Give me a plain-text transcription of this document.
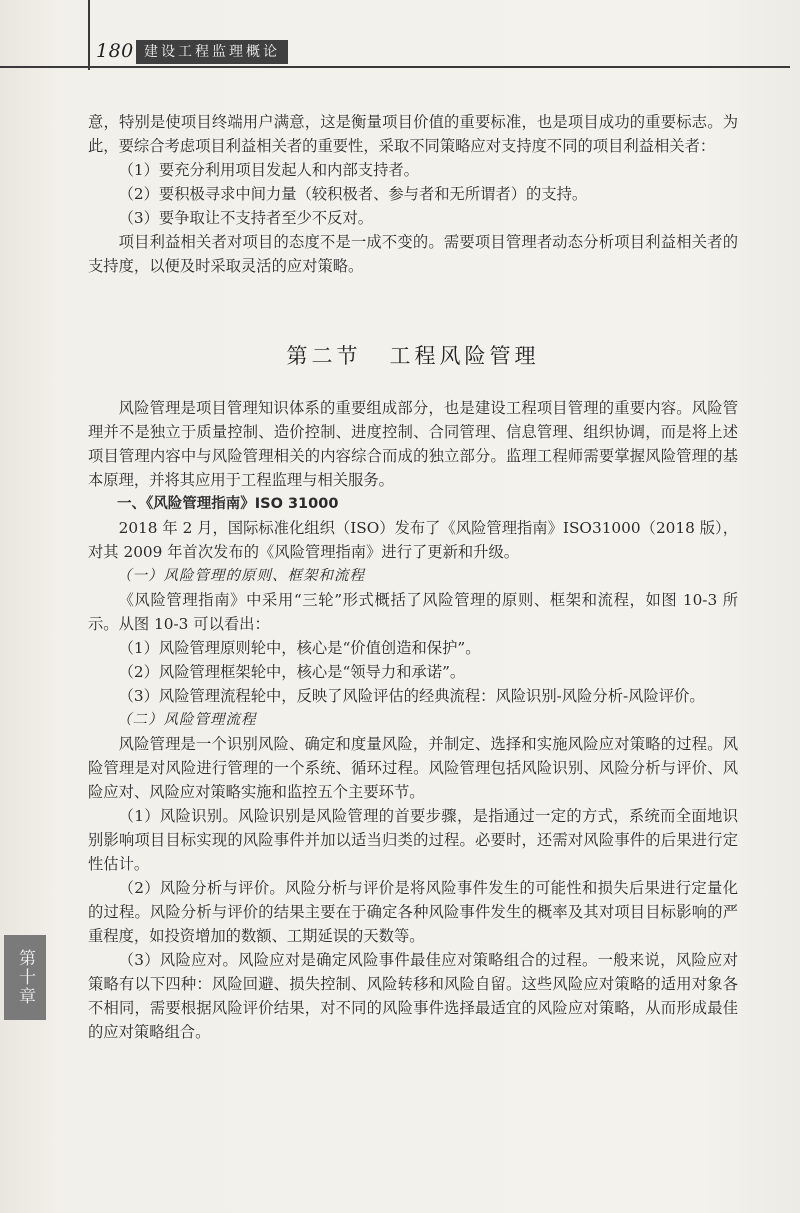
180 建设工程监理概论

意，特别是使项目终端用户满意，这是衡量项目价值的重要标准，也是项目成功的重要标志。为此，要综合考虑项目利益相关者的重要性，采取不同策略应对支持度不同的项目利益相关者：

（1）要充分利用项目发起人和内部支持者。

（2）要积极寻求中间力量（较积极者、参与者和无所谓者）的支持。

（3）要争取让不支持者至少不反对。

项目利益相关者对项目的态度不是一成不变的。需要项目管理者动态分析项目利益相关者的支持度，以便及时采取灵活的应对策略。

第二节 工程风险管理

风险管理是项目管理知识体系的重要组成部分，也是建设工程项目管理的重要内容。风险管理并不是独立于质量控制、造价控制、进度控制、合同管理、信息管理、组织协调，而是将上述项目管理内容中与风险管理相关的内容综合而成的独立部分。监理工程师需要掌握风险管理的基本原理，并将其应用于工程监理与相关服务。

一、《风险管理指南》ISO 31000

2018 年 2 月，国际标准化组织（ISO）发布了《风险管理指南》ISO31000（2018 版），对其 2009 年首次发布的《风险管理指南》进行了更新和升级。

（一）风险管理的原则、框架和流程

《风险管理指南》中采用“三轮”形式概括了风险管理的原则、框架和流程，如图 10-3 所示。从图 10-3 可以看出：

（1）风险管理原则轮中，核心是“价值创造和保护”。

（2）风险管理框架轮中，核心是“领导力和承诺”。

（3）风险管理流程轮中，反映了风险评估的经典流程：风险识别-风险分析-风险评价。

（二）风险管理流程

风险管理是一个识别风险、确定和度量风险，并制定、选择和实施风险应对策略的过程。风险管理是对风险进行管理的一个系统、循环过程。风险管理包括风险识别、风险分析与评价、风险应对、风险应对策略实施和监控五个主要环节。

（1）风险识别。风险识别是风险管理的首要步骤，是指通过一定的方式，系统而全面地识别影响项目目标实现的风险事件并加以适当归类的过程。必要时，还需对风险事件的后果进行定性估计。

（2）风险分析与评价。风险分析与评价是将风险事件发生的可能性和损失后果进行定量化的过程。风险分析与评价的结果主要在于确定各种风险事件发生的概率及其对项目目标影响的严重程度，如投资增加的数额、工期延误的天数等。

（3）风险应对。风险应对是确定风险事件最佳应对策略组合的过程。一般来说，风险应对策略有以下四种：风险回避、损失控制、风险转移和风险自留。这些风险应对策略的适用对象各不相同，需要根据风险评价结果，对不同的风险事件选择最适宜的风险应对策略，从而形成最佳的应对策略组合。

第十章
